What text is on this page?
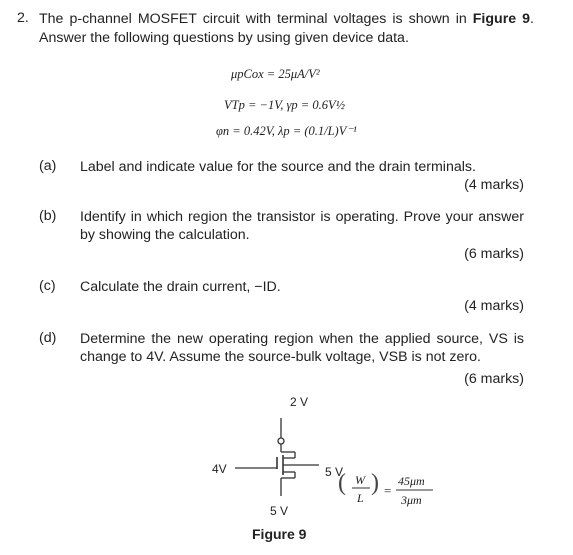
2. The p-channel MOSFET circuit with terminal voltages is shown in Figure 9. Answer the following questions by using given device data.
μpCox = 25μA/V²
VTp = −1V, γp = 0.6V½
φn = 0.42V, λp = (0.1/L)V⁻¹
(a) Label and indicate value for the source and the drain terminals.
(4 marks)
(b) Identify in which region the transistor is operating. Prove your answer by showing the calculation.
(6 marks)
(c) Calculate the drain current, −ID.
(4 marks)
(d) Determine the new operating region when the applied source, VS is change to 4V. Assume the source-bulk voltage, VSB is not zero.
(6 marks)
2 V
4V	5 V
5 V
( W
L
) =
45μm
3μm
Figure 9
